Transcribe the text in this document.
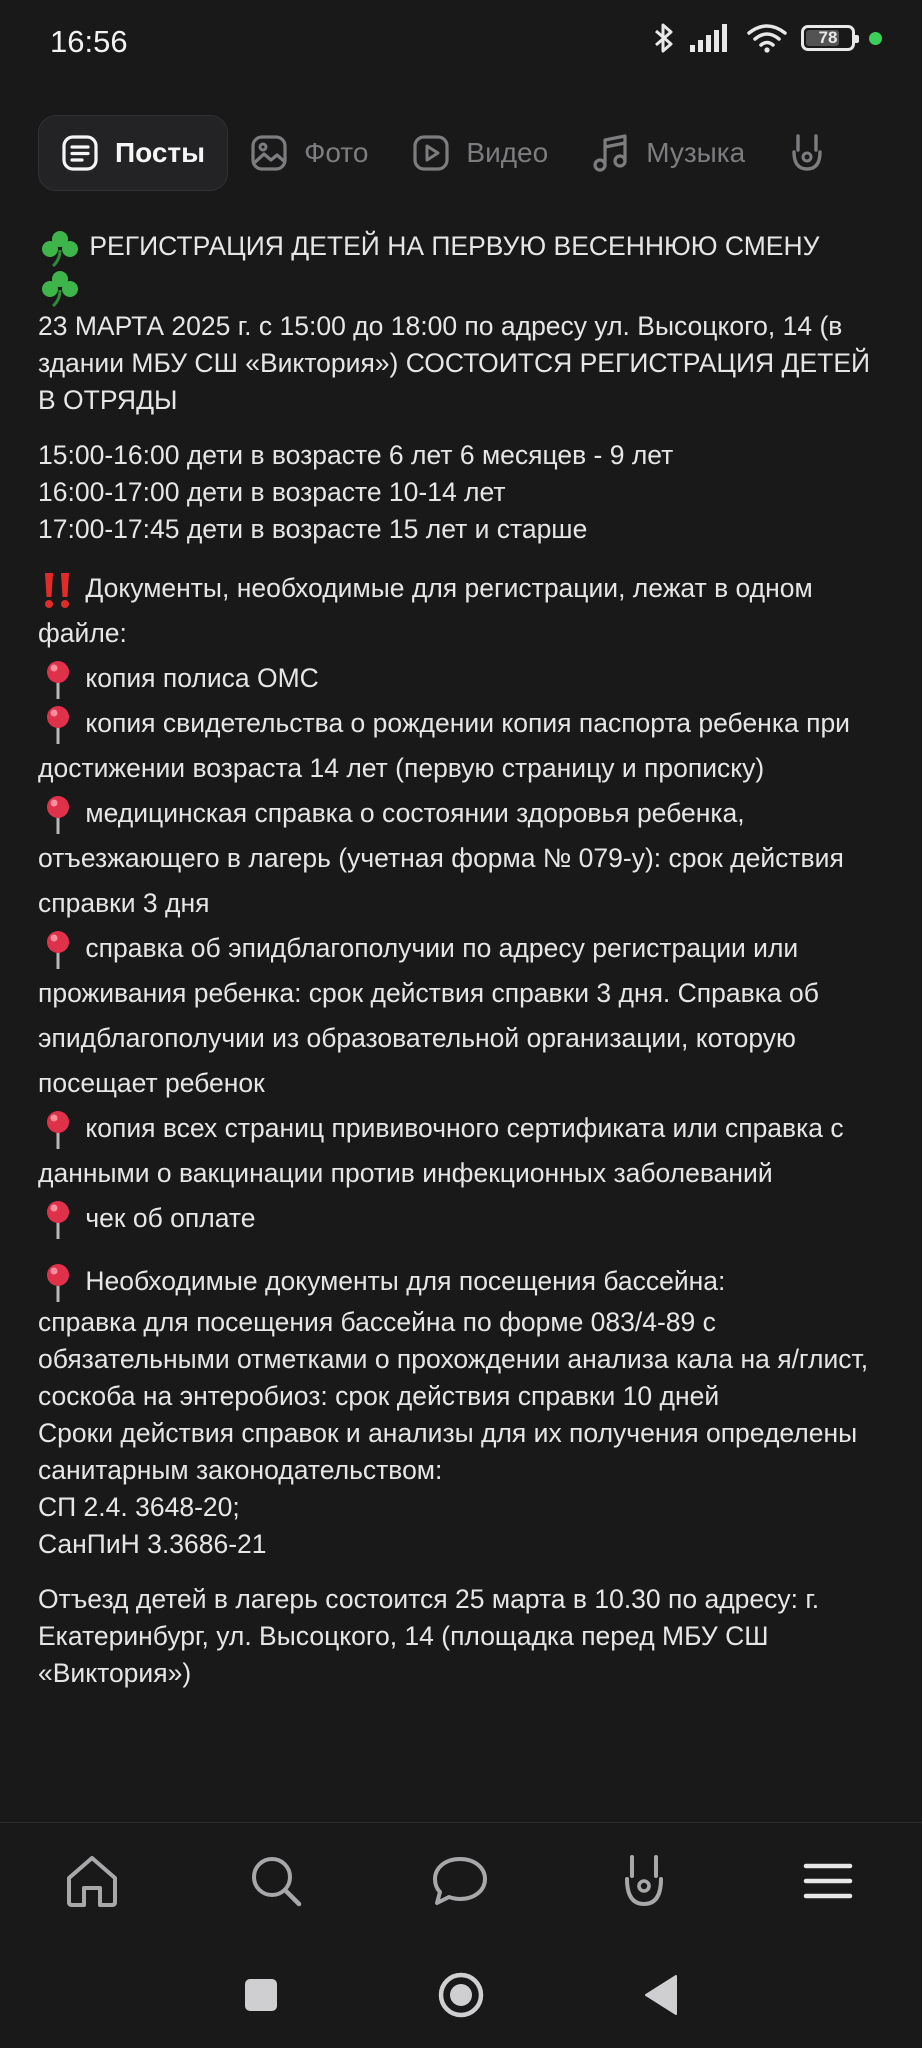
16:56	78
Посты	Фото	Видео	Музыка

РЕГИСТРАЦИЯ ДЕТЕЙ НА ПЕРВУЮ ВЕСЕННЮЮ СМЕНУ

23 МАРТА 2025 г. с 15:00 до 18:00 по адресу ул. Высоцкого, 14 (в здании МБУ СШ «Виктория») СОСТОИТСЯ РЕГИСТРАЦИЯ ДЕТЕЙ В ОТРЯДЫ

15:00-16:00 дети в возрасте 6 лет 6 месяцев - 9 лет

16:00-17:00 дети в возрасте 10-14 лет

17:00-17:45 дети в возрасте 15 лет и старше

Документы, необходимые для регистрации, лежат в одном файле:

копия полиса ОМС

копия свидетельства о рождении копия паспорта ребенка при достижении возраста 14 лет (первую страницу и прописку)

медицинская справка о состоянии здоровья ребенка, отъезжающего в лагерь (учетная форма № 079-у): срок действия справки 3 дня

справка об эпидблагополучии по адресу регистрации или проживания ребенка: срок действия справки 3 дня. Справка об эпидблагополучии из образовательной организации, которую посещает ребенок

копия всех страниц прививочного сертификата или справка с данными о вакцинации против инфекционных заболеваний

чек об оплате

Необходимые документы для посещения бассейна:

справка для посещения бассейна по форме 083/4-89 с обязательными отметками о прохождении анализа кала на я/глист, соскоба на энтеробиоз: срок действия справки 10 дней

Сроки действия справок и анализы для их получения определены санитарным законодательством:

СП 2.4. 3648-20;

СанПиН 3.3686-21

Отъезд детей в лагерь состоится 25 марта в 10.30 по адресу: г. Екатеринбург, ул. Высоцкого, 14 (площадка перед МБУ СШ «Виктория»)
